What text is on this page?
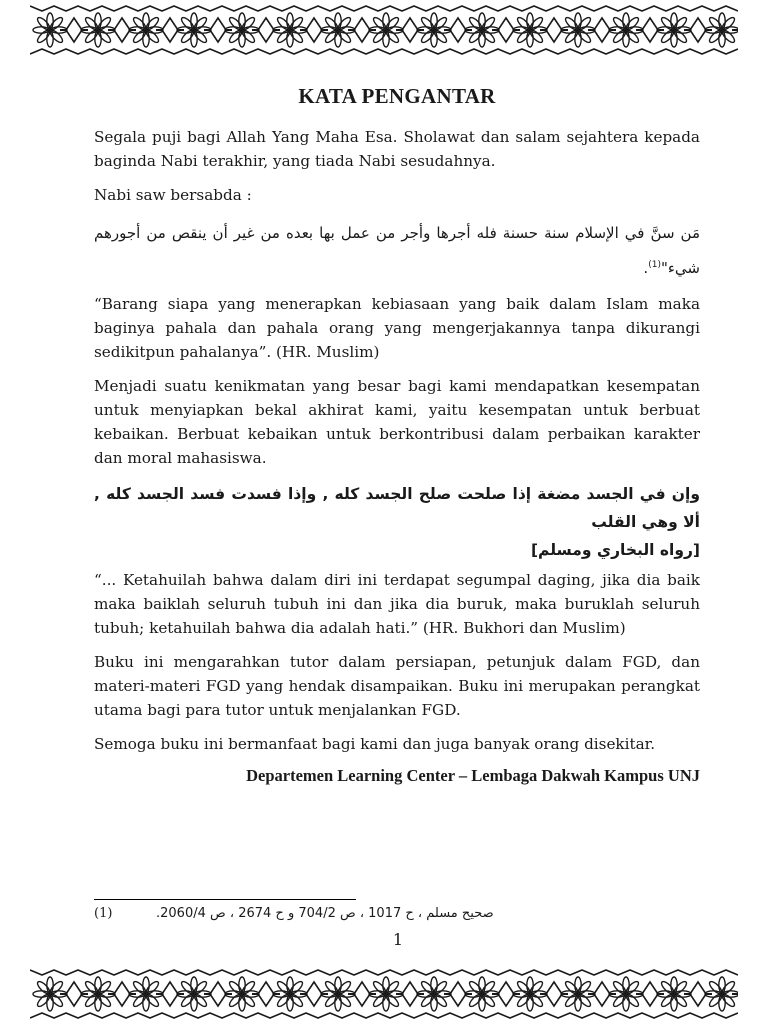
KATA PENGANTAR

Segala puji bagi Allah Yang Maha Esa. Sholawat dan salam sejahtera kepada baginda Nabi terakhir, yang tiada Nabi sesudahnya.

Nabi saw bersabda :

مَن سنَّ في الإسلام سنة حسنة فله أجرها وأجر من عمل بها بعده من غير أن ينقص من أجورهم شيء"$^{(1)}$.

“Barang siapa yang menerapkan kebiasaan yang baik dalam Islam maka baginya pahala dan pahala orang yang mengerjakannya tanpa dikurangi sedikitpun pahalanya”. (HR. Muslim)

Menjadi suatu kenikmatan yang besar bagi kami mendapatkan kesempatan untuk menyiapkan bekal akhirat kami, yaitu kesempatan untuk berbuat kebaikan. Berbuat kebaikan untuk berkontribusi dalam perbaikan karakter dan moral mahasiswa.

وإن في الجسد مضغة إذا صلحت صلح الجسد كله , وإذا فسدت فسد الجسد كله , ألا وهي القلب
[رواه البخاري ومسلم]

“... Ketahuilah bahwa dalam diri ini terdapat segumpal daging, jika dia baik maka baiklah seluruh tubuh ini dan jika dia buruk, maka buruklah seluruh tubuh; ketahuilah bahwa dia adalah hati.” (HR. Bukhori dan Muslim)

Buku ini mengarahkan tutor dalam persiapan, petunjuk dalam FGD, dan materi-materi FGD yang hendak disampaikan. Buku ini merupakan perangkat utama bagi para tutor untuk menjalankan FGD.

Semoga buku ini bermanfaat bagi kami dan juga banyak orang disekitar.

Departemen Learning Center – Lembaga Dakwah Kampus UNJ
(1)	صحيح مسلم ، ح 1017 ، ص 704/2 و ح 2674 ، ص 2060/4.
1
